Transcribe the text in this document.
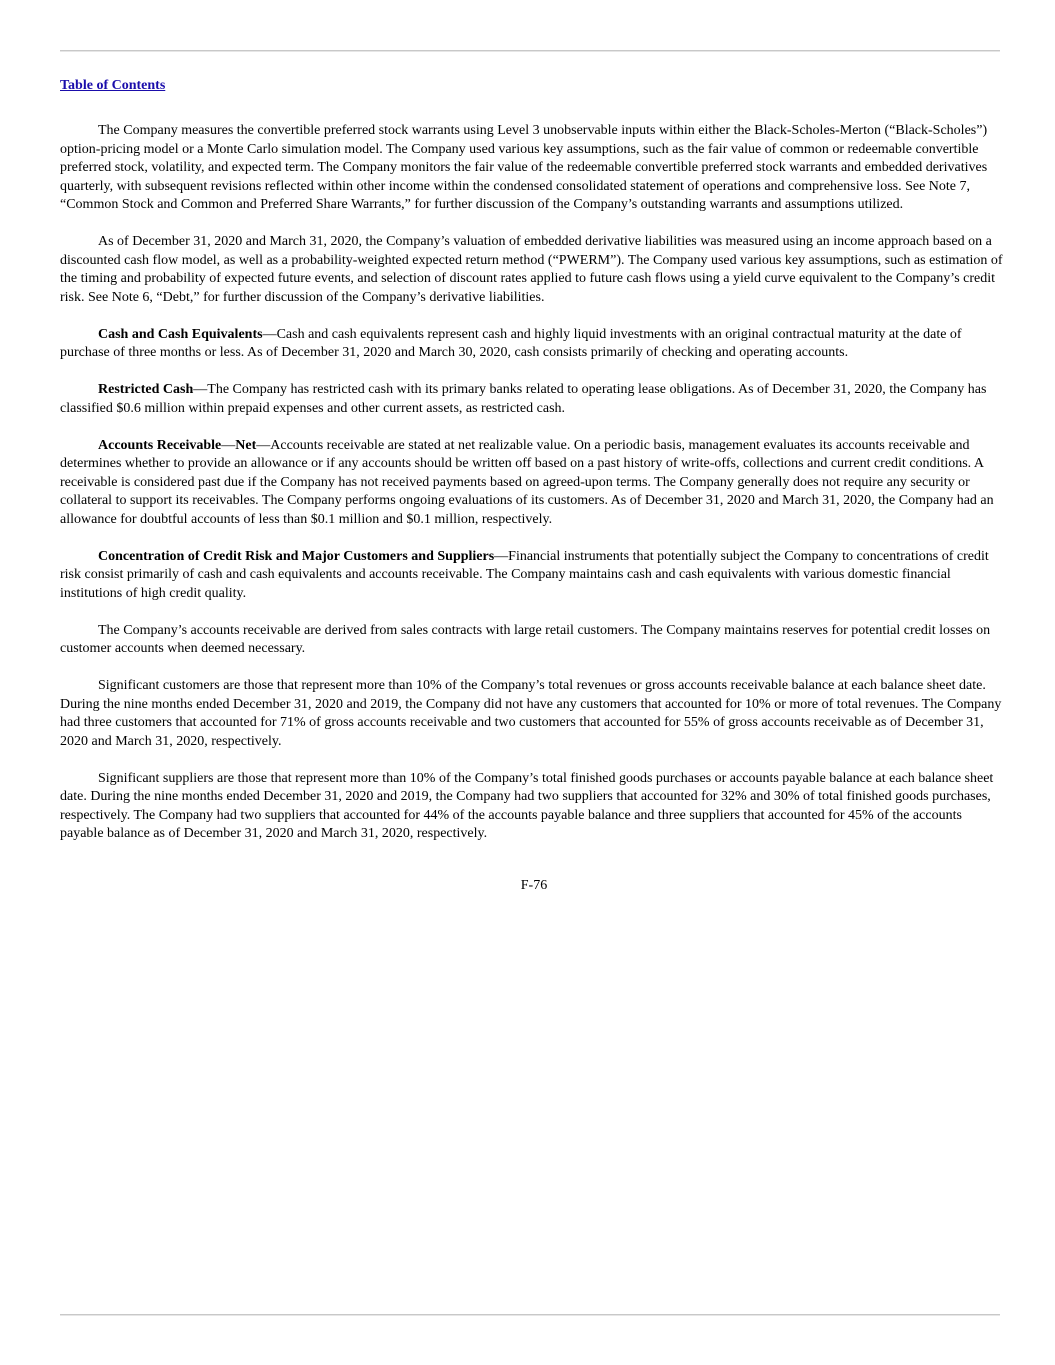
Table of Contents

The Company measures the convertible preferred stock warrants using Level 3 unobservable inputs within either the Black-Scholes-Merton (“Black-Scholes”) option-pricing model or a Monte Carlo simulation model. The Company used various key assumptions, such as the fair value of common or redeemable convertible preferred stock, volatility, and expected term. The Company monitors the fair value of the redeemable convertible preferred stock warrants and embedded derivatives quarterly, with subsequent revisions reflected within other income within the condensed consolidated statement of operations and comprehensive loss. See Note 7, “Common Stock and Common and Preferred Share Warrants,” for further discussion of the Company’s outstanding warrants and assumptions utilized.

As of December 31, 2020 and March 31, 2020, the Company’s valuation of embedded derivative liabilities was measured using an income approach based on a discounted cash flow model, as well as a probability-weighted expected return method (“PWERM”). The Company used various key assumptions, such as estimation of the timing and probability of expected future events, and selection of discount rates applied to future cash flows using a yield curve equivalent to the Company’s credit risk. See Note 6, “Debt,” for further discussion of the Company’s derivative liabilities.

Cash and Cash Equivalents—Cash and cash equivalents represent cash and highly liquid investments with an original contractual maturity at the date of purchase of three months or less. As of December 31, 2020 and March 30, 2020, cash consists primarily of checking and operating accounts.

Restricted Cash—The Company has restricted cash with its primary banks related to operating lease obligations. As of December 31, 2020, the Company has classified $0.6 million within prepaid expenses and other current assets, as restricted cash.

Accounts Receivable—Net—Accounts receivable are stated at net realizable value. On a periodic basis, management evaluates its accounts receivable and determines whether to provide an allowance or if any accounts should be written off based on a past history of write-offs, collections and current credit conditions. A receivable is considered past due if the Company has not received payments based on agreed-upon terms. The Company generally does not require any security or collateral to support its receivables. The Company performs ongoing evaluations of its customers. As of December 31, 2020 and March 31, 2020, the Company had an allowance for doubtful accounts of less than $0.1 million and $0.1 million, respectively.

Concentration of Credit Risk and Major Customers and Suppliers—Financial instruments that potentially subject the Company to concentrations of credit risk consist primarily of cash and cash equivalents and accounts receivable. The Company maintains cash and cash equivalents with various domestic financial institutions of high credit quality.

The Company’s accounts receivable are derived from sales contracts with large retail customers. The Company maintains reserves for potential credit losses on customer accounts when deemed necessary.

Significant customers are those that represent more than 10% of the Company’s total revenues or gross accounts receivable balance at each balance sheet date. During the nine months ended December 31, 2020 and 2019, the Company did not have any customers that accounted for 10% or more of total revenues. The Company had three customers that accounted for 71% of gross accounts receivable and two customers that accounted for 55% of gross accounts receivable as of December 31, 2020 and March 31, 2020, respectively.

Significant suppliers are those that represent more than 10% of the Company’s total finished goods purchases or accounts payable balance at each balance sheet date. During the nine months ended December 31, 2020 and 2019, the Company had two suppliers that accounted for 32% and 30% of total finished goods purchases, respectively. The Company had two suppliers that accounted for 44% of the accounts payable balance and three suppliers that accounted for 45% of the accounts payable balance as of December 31, 2020 and March 31, 2020, respectively.

F-76
